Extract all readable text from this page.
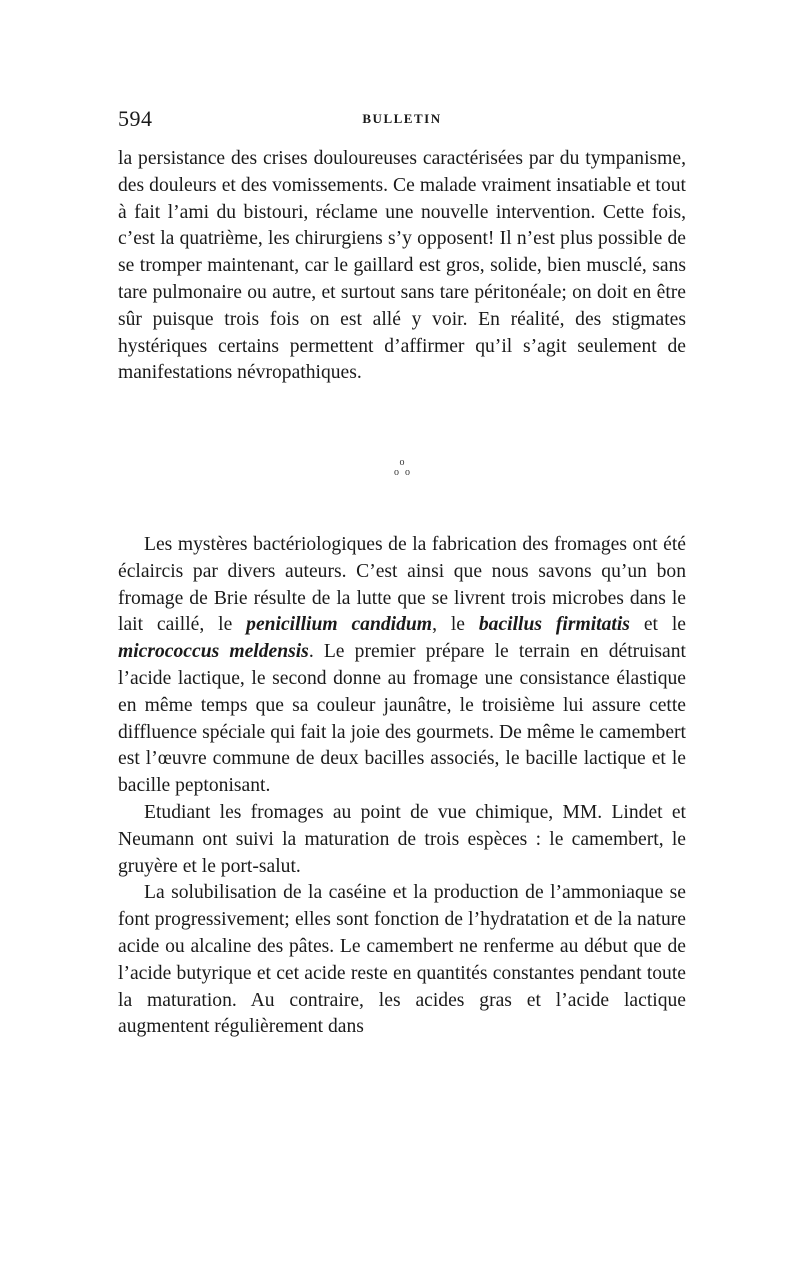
594	BULLETIN

la persistance des crises douloureuses caractérisées par du tympanisme, des douleurs et des vomissements. Ce malade vraiment insatiable et tout à fait l’ami du bistouri, réclame une nouvelle intervention. Cette fois, c’est la quatrième, les chirurgiens s’y opposent! Il n’est plus possible de se tromper maintenant, car le gaillard est gros, solide, bien musclé, sans tare pulmonaire ou autre, et surtout sans tare péritonéale; on doit en être sûr puisque trois fois on est allé y voir. En réalité, des stigmates hystériques certains permettent d’affirmer qu’il s’agit seulement de manifestations névropathiques.

o
oo

Les mystères bactériologiques de la fabrication des fromages ont été éclaircis par divers auteurs. C’est ainsi que nous savons qu’un bon fromage de Brie résulte de la lutte que se livrent trois microbes dans le lait caillé, le penicillium candidum, le bacillus firmitatis et le micrococcus meldensis. Le premier prépare le terrain en détruisant l’acide lactique, le second donne au fromage une consistance élastique en même temps que sa couleur jaunâtre, le troisième lui assure cette diffluence spéciale qui fait la joie des gourmets. De même le camembert est l’œuvre commune de deux bacilles associés, le bacille lactique et le bacille peptonisant.

Etudiant les fromages au point de vue chimique, MM. Lindet et Neumann ont suivi la maturation de trois espèces : le camembert, le gruyère et le port-salut.

La solubilisation de la caséine et la production de l’ammoniaque se font progressivement; elles sont fonction de l’hydratation et de la nature acide ou alcaline des pâtes. Le camembert ne renferme au début que de l’acide butyrique et cet acide reste en quantités constantes pendant toute la maturation. Au contraire, les acides gras et l’acide lactique augmentent régulièrement dans
